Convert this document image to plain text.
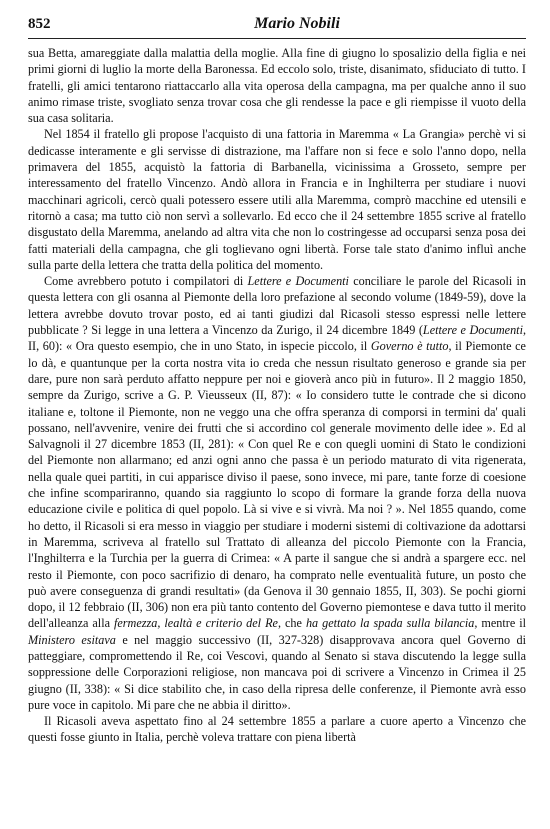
852	Mario Nobili

sua Betta, amareggiate dalla malattia della moglie. Alla fine di giugno lo sposalizio della figlia e nei primi giorni di luglio la morte della Baronessa. Ed eccolo solo, triste, disanimato, sfiduciato di tutto. I fratelli, gli amici tentarono riattaccarlo alla vita operosa della campagna, ma per qualche anno il suo animo rimase triste, svogliato senza trovar cosa che gli rendesse la pace e gli riempisse il vuoto della sua casa solitaria.

Nel 1854 il fratello gli propose l'acquisto di una fattoria in Maremma « La Grangia» perchè vi si dedicasse interamente e gli servisse di distrazione, ma l'affare non si fece e solo l'anno dopo, nella primavera del 1855, acquistò la fattoria di Barbanella, vicinissima a Grosseto, sempre per interessamento del fratello Vincenzo. Andò allora in Francia e in Inghilterra per studiare i nuovi macchinari agricoli, cercò quali potessero essere utili alla Maremma, comprò macchine ed utensili e ritornò a casa; ma tutto ciò non servì a sollevarlo. Ed ecco che il 24 settembre 1855 scrive al fratello disgustato della Maremma, anelando ad altra vita che non lo costringesse ad occuparsi senza posa dei fatti materiali della campagna, che gli toglievano ogni libertà. Forse tale stato d'animo influì anche sulla parte della lettera che tratta della politica del momento.

Come avrebbero potuto i compilatori di Lettere e Documenti conciliare le parole del Ricasoli in questa lettera con gli osanna al Piemonte della loro prefazione al secondo volume (1849-59), dove la lettera avrebbe dovuto trovar posto, ed ai tanti giudizi dal Ricasoli stesso espressi nelle lettere pubblicate ? Si legge in una lettera a Vincenzo da Zurigo, il 24 dicembre 1849 (Lettere e Documenti, II, 60): « Ora questo esempio, che in uno Stato, in ispecie piccolo, il Governo è tutto, il Piemonte ce lo dà, e quantunque per la corta nostra vita io creda che nessun risultato generoso e grande sia per dare, pure non sarà perduto affatto neppure per noi e gioverà anco più in futuro». Il 2 maggio 1850, sempre da Zurigo, scrive a G. P. Vieusseux (II, 87): « Io considero tutte le contrade che si dicono italiane e, toltone il Piemonte, non ne veggo una che offra speranza di comporsi in termini da' quali possano, nell'avvenire, venire dei frutti che si accordino col generale movimento delle idee ». Ed al Salvagnoli il 27 dicembre 1853 (II, 281): « Con quel Re e con quegli uomini di Stato le condizioni del Piemonte non allarmano; ed anzi ogni anno che passa è un periodo maturato di vita rigenerata, nella quale quei partiti, in cui apparisce diviso il paese, sono invece, mi pare, tante forze di coesione che infine scompariranno, quando sia raggiunto lo scopo di formare la grande forza della nuova educazione civile e politica di quel popolo. Là si vive e si vivrà. Ma noi ? ». Nel 1855 quando, come ho detto, il Ricasoli si era messo in viaggio per studiare i moderni sistemi di coltivazione da adottarsi in Maremma, scriveva al fratello sul Trattato di alleanza del piccolo Piemonte con la Francia, l'Inghilterra e la Turchia per la guerra di Crimea: « A parte il sangue che si andrà a spargere ecc. nel resto il Piemonte, con poco sacrifizio di denaro, ha comprato nelle eventualità future, un posto che può avere conseguenza di grandi resultati» (da Genova il 30 gennaio 1855, II, 303). Se pochi giorni dopo, il 12 febbraio (II, 306) non era più tanto contento del Governo piemontese e dava tutto il merito dell'alleanza alla fermezza, lealtà e criterio del Re, che ha gettato la spada sulla bilancia, mentre il Ministero esitava e nel maggio successivo (II, 327-328) disapprovava ancora quel Governo di patteggiare, compromettendo il Re, coi Vescovi, quando al Senato si stava discutendo la legge sulla soppressione delle Corporazioni religiose, non mancava poi di scrivere a Vincenzo in Crimea il 25 giugno (II, 338): « Si dice stabilito che, in caso della ripresa delle conferenze, il Piemonte avrà esso pure voce in capitolo. Mi pare che ne abbia il diritto».

Il Ricasoli aveva aspettato fino al 24 settembre 1855 a parlare a cuore aperto a Vincenzo che questi fosse giunto in Italia, perchè voleva trattare con piena libertà
